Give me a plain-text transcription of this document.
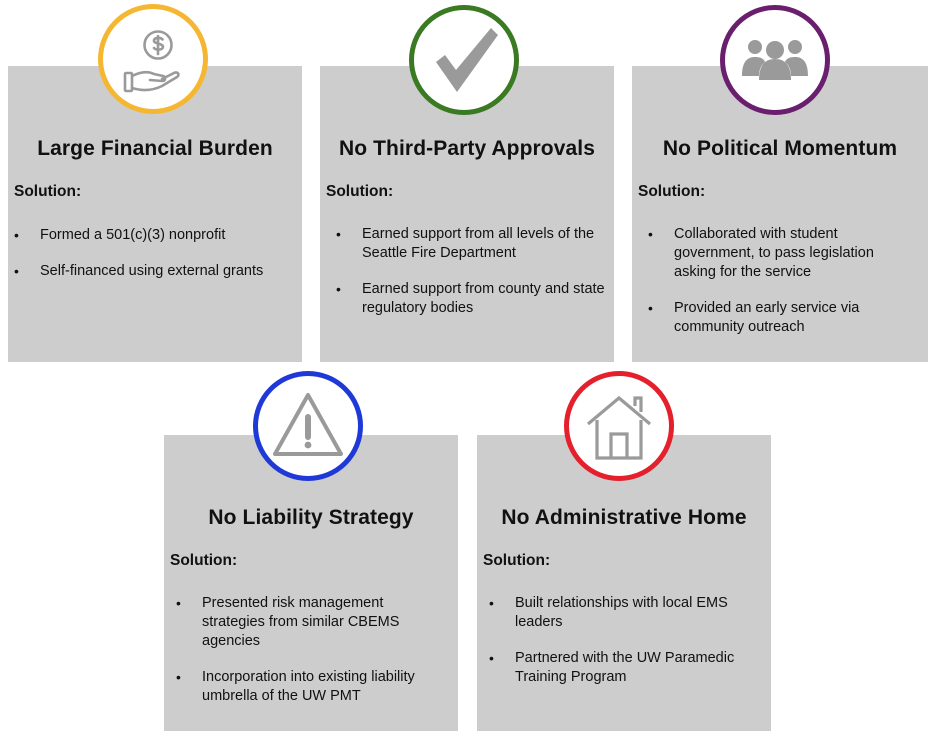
Large Financial Burden
Solution:
• Formed a 501(c)(3) nonprofit
• Self-financed using external grants
No Third-Party Approvals
Solution:
• Earned support from all levels of the Seattle Fire Department
• Earned support from county and state regulatory bodies
No Political Momentum
Solution:
• Collaborated with student government, to pass legislation asking for the service
• Provided an early service via community outreach
No Liability Strategy
Solution:
• Presented risk management strategies from similar CBEMS agencies
• Incorporation into existing liability umbrella of the UW PMT
No Administrative Home
Solution:
• Built relationships with local EMS leaders
• Partnered with the UW Paramedic Training Program
